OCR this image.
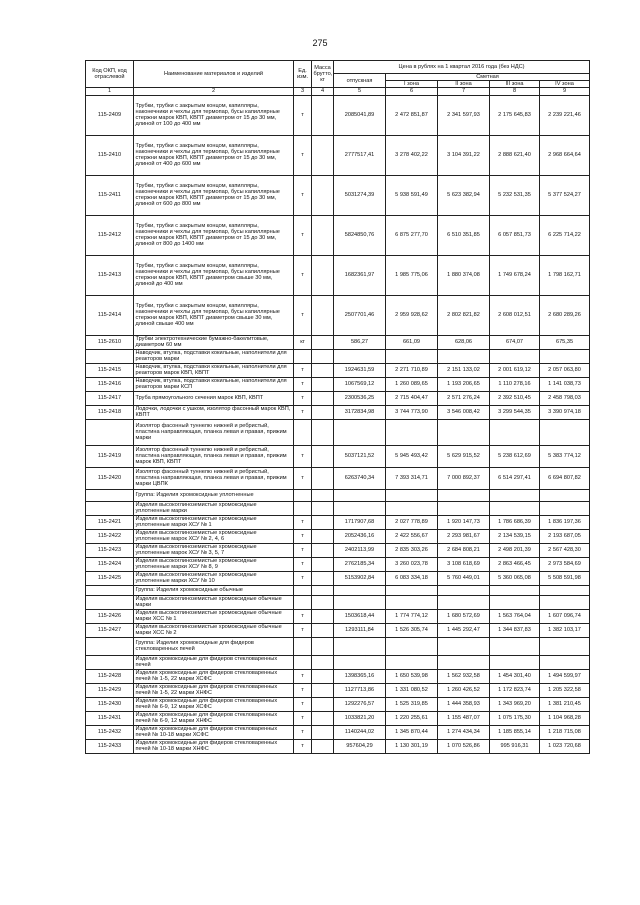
275
Код ОКП, код отраслевой	Наименование материалов и изделий	Ед. изм.	Масса брутто, кг	Цена в рублях на 1 квартал 2016 года (без НДС)				
				отпускная	Сметная			
					I зона	II зона	III зона	IV зона
1	2	3	4	5	6	7	8	9
115-2409	Трубки, трубки с закрытым концом, капилляры, наконечники и чехлы для термопар, бусы капиллярные стержни марок КВП, КВПТ диаметром от 15 до 30 мм, длиной от 100 до 400 мм	т		2085041,89	2 472 851,87	2 341 597,93	2 175 645,83	2 239 221,46
115-2410	Трубки, трубки с закрытым концом, капилляры, наконечники и чехлы для термопар, бусы капиллярные стержни марок КВП, КВПТ диаметром от 15 до 30 мм, длиной от 400 до 600 мм	т		2777517,41	3 278 402,22	3 104 391,22	2 888 621,40	2 968 664,64
115-2411	Трубки, трубки с закрытым концом, капилляры, наконечники и чехлы для термопар, бусы капиллярные стержни марок КВП, КВПТ диаметром от 15 до 30 мм, длиной от 600 до 800 мм	т		5031274,39	5 938 591,49	5 623 382,94	5 232 531,35	5 377 524,27
115-2412	Трубки, трубки с закрытым концом, капилляры, наконечники и чехлы для термопар, бусы капиллярные стержни марок КВП, КВПТ диаметром от 15 до 30 мм, длиной от 800 до 1400 мм	т		5824850,76	6 875 277,70	6 510 351,85	6 057 851,73	6 225 714,22
115-2413	Трубки, трубки с закрытым концом, капилляры, наконечники и чехлы для термопар, бусы капиллярные стержни марок КВП, КВПТ диаметром свыше 30 мм, длиной до 400 мм	т		1682361,97	1 985 775,06	1 880 374,08	1 749 678,24	1 798 162,71
115-2414	Трубки, трубки с закрытым концом, капилляры, наконечники и чехлы для термопар, бусы капиллярные стержни марок КВП, КВПТ диаметром свыше 30 мм, длиной свыше 400 мм	т		2507701,46	2 959 928,62	2 802 821,82	2 608 012,51	2 680 289,26
115-2610	Трубки электротехнические бумажно-бакелитовые, диаметром 60 мм	кг		586,27	661,09	628,06	674,07	675,35
	Наводчик, втулка, подставки кокильные, наполнители для реакторов марки							
115-2415	Наводчик, втулка, подставки кокильные, наполнители для реакторов марок КВП, КВПТ	т		1924631,59	2 271 710,89	2 151 133,02	2 001 619,12	2 057 063,80
115-2416	Наводчик, втулка, подставки кокильные, наполнители для реакторов марки КСП	т		1067569,12	1 260 089,65	1 193 206,65	1 110 278,16	1 141 038,73
115-2417	Труба прямоугольного сечения марок КВП, КВПТ	т		2300536,25	2 715 404,47	2 571 276,24	2 392 510,45	2 458 798,03
115-2418	Лодочки, лодочки с ушком, изолятор фасонный марок КВП, КВПТ	т		3172834,98	3 744 773,90	3 546 008,42	3 299 544,35	3 390 974,18
	Изолятор фасонный туннелю нижней и ребристый, пластина направляющая, планка левая и правая, прижим марки							
115-2419	Изолятор фасонный туннелю нижней и ребристый, пластина направляющая, планка левая и правая, прижим марок КВП, КВПТ	т		5037121,52	5 945 493,42	5 629 915,52	5 238 612,69	5 383 774,12
115-2420	Изолятор фасонный туннелю нижней и ребристый, пластина направляющая, планка левая и правая, прижим марки ЦВПК	т		6263740,34	7 393 314,71	7 000 892,37	6 514 297,41	6 694 807,82
	Группа: Изделия хромоксидные уплотненные							
	Изделия высокоглиноземистые хромоксидные уплотненные марки							
115-2421	Изделия высокоглиноземистые хромоксидные уплотненные марки ХСУ № 1	т		1717907,68	2 027 778,89	1 920 147,73	1 786 686,39	1 836 197,36
115-2422	Изделия высокоглиноземистые хромоксидные уплотненные марок ХСУ № 2, 4, 6	т		2052436,16	2 422 556,67	2 293 981,67	2 134 539,15	2 193 687,05
115-2423	Изделия высокоглиноземистые хромоксидные уплотненные марок ХСУ № 3, 5, 7	т		2402113,99	2 835 303,26	2 684 808,21	2 498 201,39	2 567 428,30
115-2424	Изделия высокоглиноземистые хромоксидные уплотненные марки ХСУ № 8, 9	т		2762185,34	3 260 023,78	3 108 618,69	2 863 466,45	2 973 584,69
115-2425	Изделия высокоглиноземистые хромоксидные уплотненные марки ХСУ № 10	т		5153902,84	6 083 334,18	5 760 449,01	5 360 065,08	5 508 591,98
	Группа: Изделия хромоксидные обычные							
	Изделия высокоглиноземистые хромоксидные обычные марки							
115-2426	Изделия высокоглиноземистые хромоксидные обычные марки ХСС № 1	т		1503618,44	1 774 774,12	1 680 572,69	1 563 764,04	1 607 096,74
115-2427	Изделия высокоглиноземистые хромоксидные обычные марки ХСС № 2	т		1293111,84	1 526 305,74	1 445 292,47	1 344 837,83	1 382 103,17
	Группа: Изделия хромоксидные для фидеров стекловаренных печей							
	Изделия хромоксидные для фидеров стекловаренных печей							
115-2428	Изделия хромоксидные для фидеров стекловаренных печей № 1-5, 22 марки ХСФС	т		1398365,16	1 650 539,98	1 562 932,58	1 454 301,40	1 494 599,97
115-2429	Изделия хромоксидные для фидеров стекловаренных печей № 1-5, 22 марки ХНФС	т		1127713,86	1 331 080,52	1 260 426,52	1 172 823,74	1 205 322,58
115-2430	Изделия хромоксидные для фидеров стекловаренных печей № 6-9, 12 марки ХСФС	т		1292276,57	1 525 319,85	1 444 358,93	1 343 969,20	1 381 210,45
115-2431	Изделия хромоксидные для фидеров стекловаренных печей № 6-9, 12 марки ХНФС	т		1033821,20	1 220 255,61	1 155 487,07	1 075 175,30	1 104 968,28
115-2432	Изделия хромоксидные для фидеров стекловаренных печей № 10-18 марки ХСФС	т		1140244,02	1 345 870,44	1 274 434,34	1 185 855,14	1 218 715,08
115-2433	Изделия хромоксидные для фидеров стекловаренных печей № 10-18 марки ХНФС	т		957604,29	1 130 301,19	1 070 526,86	995 916,31	1 023 720,68
